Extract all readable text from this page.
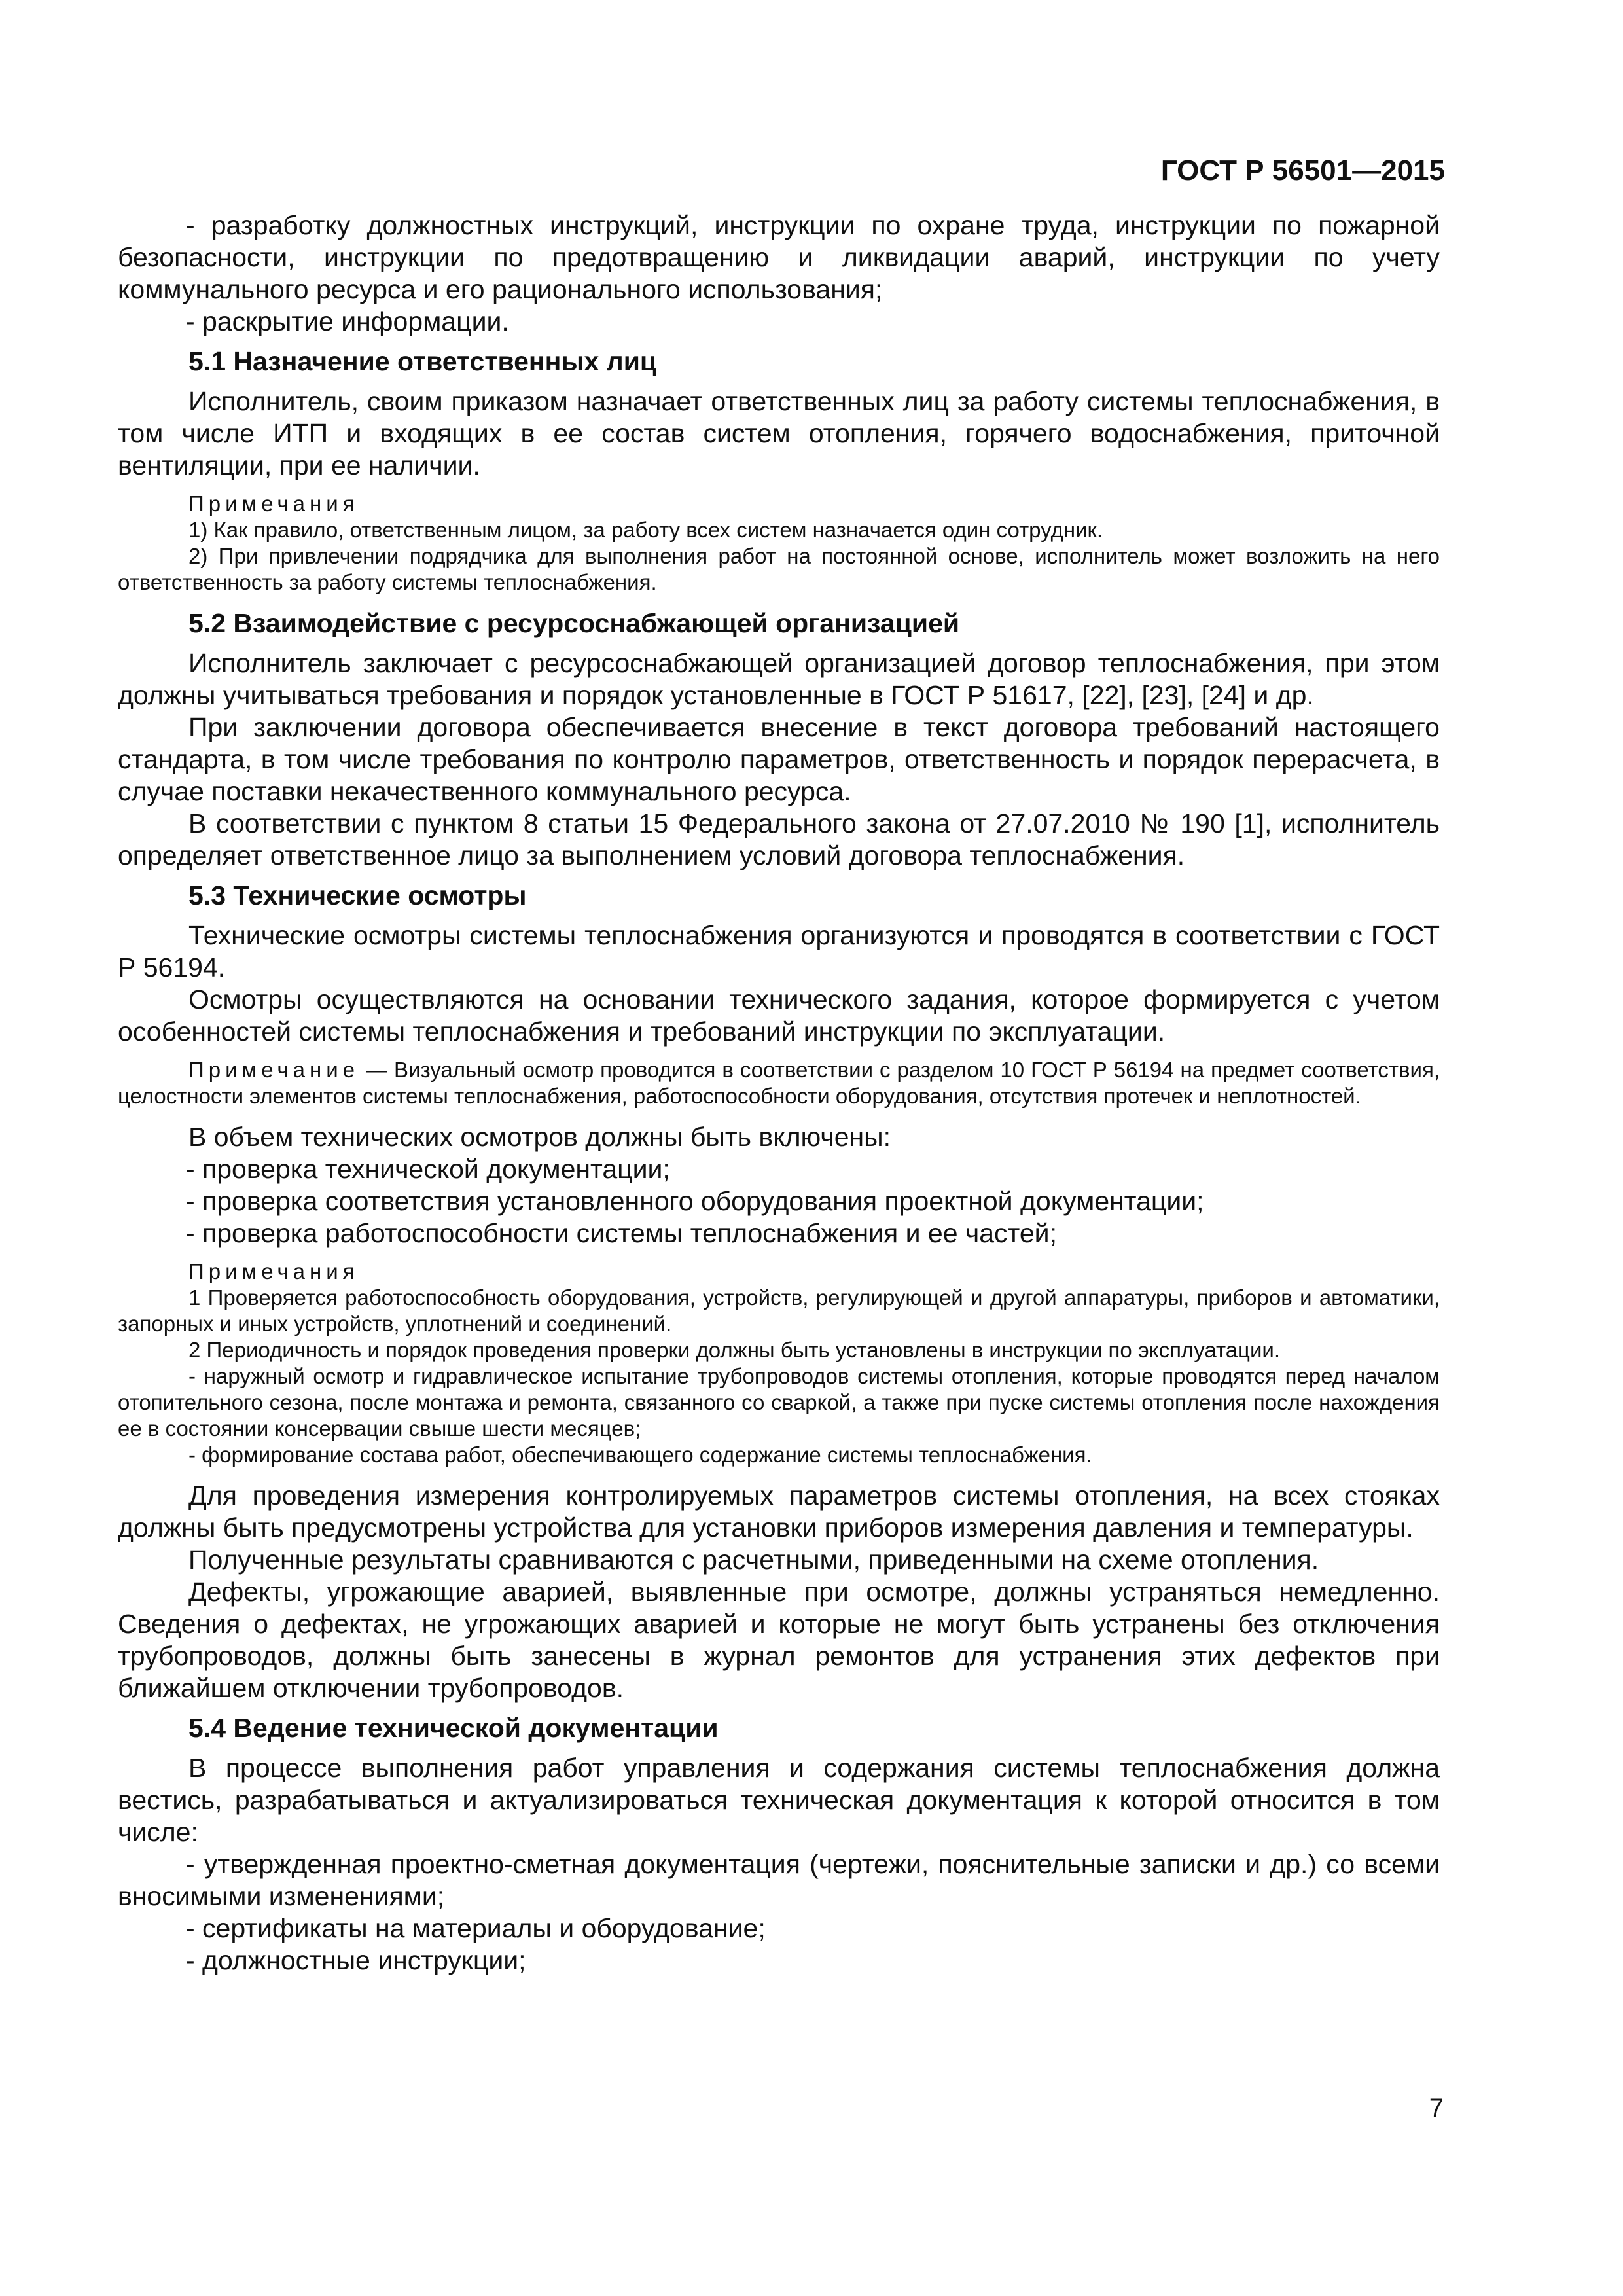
ГОСТ Р 56501—2015

- разработку должностных инструкций, инструкции по охране труда, инструкции по пожарной безопасности, инструкции по предотвращению и ликвидации аварий, инструкции по учету коммунального ресурса и его рационального использования;

- раскрытие информации.

5.1 Назначение ответственных лиц

Исполнитель, своим приказом назначает ответственных лиц за работу системы теплоснабжения, в том числе ИТП и входящих в ее состав систем отопления, горячего водоснабжения, приточной вентиляции, при ее наличии.

Примечания

1) Как правило, ответственным лицом, за работу всех систем назначается один сотрудник.

2) При привлечении подрядчика для выполнения работ на постоянной основе, исполнитель может возложить на него ответственность за работу системы теплоснабжения.

5.2 Взаимодействие с ресурсоснабжающей организацией

Исполнитель заключает с ресурсоснабжающей организацией договор теплоснабжения, при этом должны учитываться требования и порядок установленные в ГОСТ Р 51617, [22], [23], [24] и др.

При заключении договора обеспечивается внесение в текст договора требований настоящего стандарта, в том числе требования по контролю параметров, ответственность и порядок перерасчета, в случае поставки некачественного коммунального ресурса.

В соответствии с пунктом 8 статьи 15 Федерального закона от 27.07.2010 № 190 [1], исполнитель определяет ответственное лицо за выполнением условий договора теплоснабжения.

5.3 Технические осмотры

Технические осмотры системы теплоснабжения организуются и проводятся в соответствии с ГОСТ Р 56194.

Осмотры осуществляются на основании технического задания, которое формируется с учетом особенностей системы теплоснабжения и требований инструкции по эксплуатации.

Примечание — Визуальный осмотр проводится в соответствии с разделом 10 ГОСТ Р 56194 на предмет соответствия, целостности элементов системы теплоснабжения, работоспособности оборудования, отсутствия протечек и неплотностей.

В объем технических осмотров должны быть включены:

- проверка технической документации;

- проверка соответствия установленного оборудования проектной документации;

- проверка работоспособности системы теплоснабжения и ее частей;

Примечания

1 Проверяется работоспособность оборудования, устройств, регулирующей и другой аппаратуры, приборов и автоматики, запорных и иных устройств, уплотнений и соединений.

2 Периодичность и порядок проведения проверки должны быть установлены в инструкции по эксплуатации.

- наружный осмотр и гидравлическое испытание трубопроводов системы отопления, которые проводятся перед началом отопительного сезона, после монтажа и ремонта, связанного со сваркой, а также при пуске системы отопления после нахождения ее в состоянии консервации свыше шести месяцев;

- формирование состава работ, обеспечивающего содержание системы теплоснабжения.

Для проведения измерения контролируемых параметров системы отопления, на всех стояках должны быть предусмотрены устройства для установки приборов измерения давления и температуры.

Полученные результаты сравниваются с расчетными, приведенными на схеме отопления.

Дефекты, угрожающие аварией, выявленные при осмотре, должны устраняться немедленно. Сведения о дефектах, не угрожающих аварией и которые не могут быть устранены без отключения трубопроводов, должны быть занесены в журнал ремонтов для устранения этих дефектов при ближайшем отключении трубопроводов.

5.4 Ведение технической документации

В процессе выполнения работ управления и содержания системы теплоснабжения должна вестись, разрабатываться и актуализироваться техническая документация к которой относится в том числе:

- утвержденная проектно-сметная документация (чертежи, пояснительные записки и др.) со всеми вносимыми изменениями;

- сертификаты на материалы и оборудование;

- должностные инструкции;

7
